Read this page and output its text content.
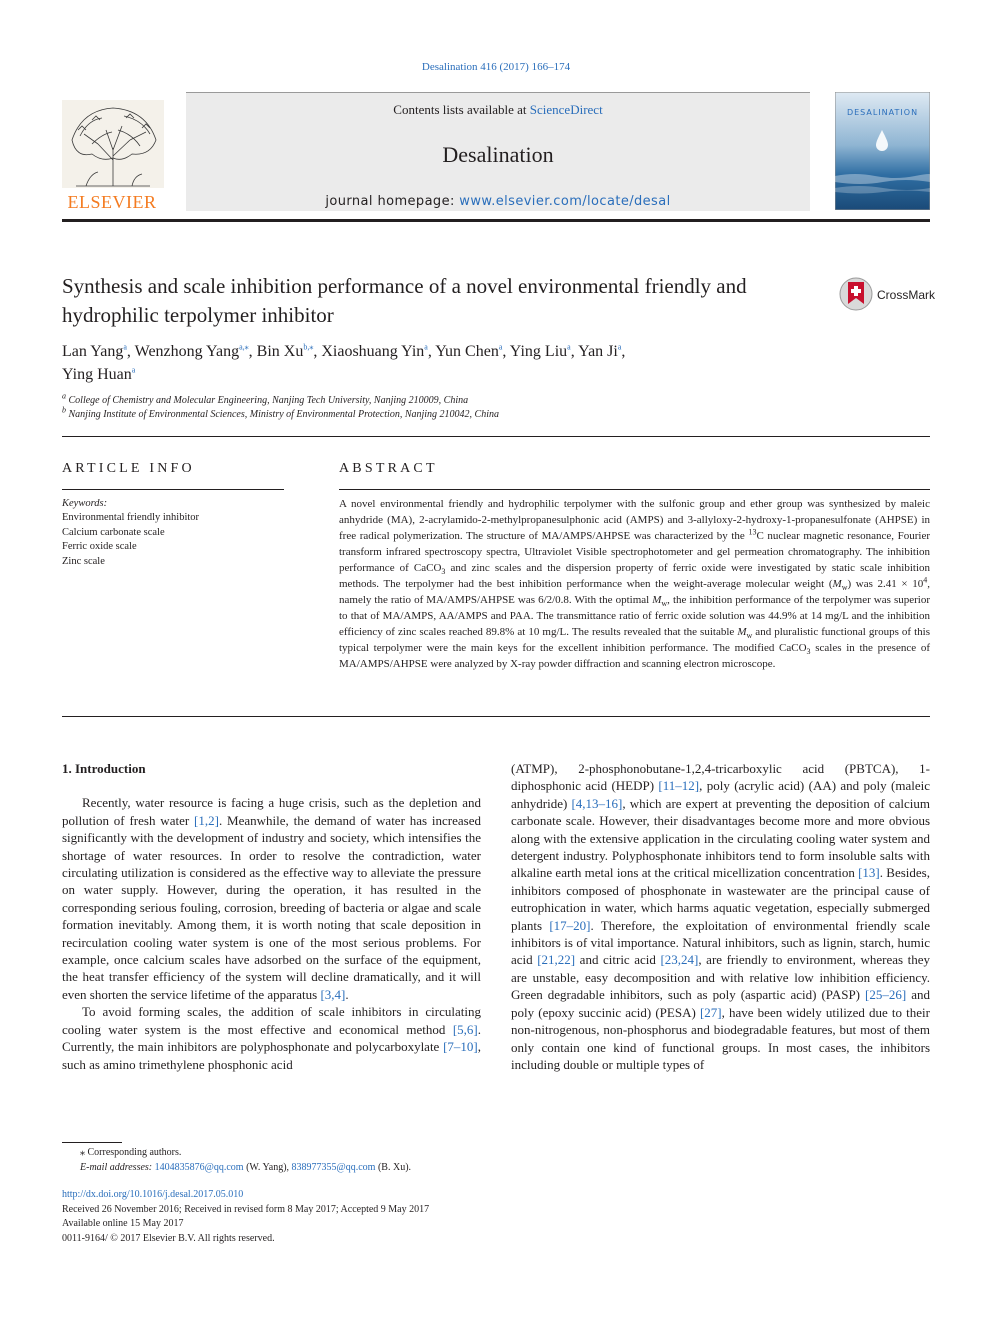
Desalination 416 (2017) 166–174
Contents lists available at ScienceDirect
Desalination
journal homepage: www.elsevier.com/locate/desal
ELSEVIER
DESALINATION
Synthesis and scale inhibition performance of a novel environmental friendly and hydrophilic terpolymer inhibitor
CrossMark
Lan Yang$^a$, Wenzhong Yang$^{a,⁎}$, Bin $Xu^{b,⁎}$, Xiaoshuang Yin$^a$, Yun Chen$^a$, Ying Liu$^a$, Yan Ji$^a$,
Ying Huan$^a$
$^a$ College of Chemistry and Molecular Engineering, Nanjing Tech University, Nanjing 210009, China
$^b$ Nanjing Institute of Environmental Sciences, Ministry of Environmental Protection, Nanjing 210042, China
ARTICLE INFO	ABSTRACT
Keywords:
Environmental friendly inhibitor
Calcium carbonate scale
Ferric oxide scale
Zinc scale
A novel environmental friendly and hydrophilic terpolymer with the sulfonic group and ether group was synthesized by maleic anhydride (MA), 2-acrylamido-2-methylpropanesulphonic acid (AMPS) and 3-allyloxy-2-hydroxy-1-propanesulfonate (AHPSE) in free radical polymerization. The structure of MA/AMPS/AHPSE was characterized by the $^{13}$C nuclear magnetic resonance, Fourier transform infrared spectroscopy spectra, Ultraviolet Visible spectrophotometer and gel permeation chromatography. The inhibition performance of CaCO$_3$ and zinc scales and the dispersion property of ferric oxide were investigated by static scale inhibition methods. The terpolymer had the best inhibition performance when the weight-average molecular weight $(M_w)$ was $2.41 \times 10^4$, namely the ratio of MA/AMPS/AHPSE was 6/2/0.8. With the optimal $M_w$, the inhibition performance of the terpolymer was superior to that of MA/AMPS, AA/AMPS and PAA. The transmittance ratio of ferric oxide solution was 44.9% at 14 mg/L and the inhibition efficiency of zinc scales reached 89.8% at 10 mg/L. The results revealed that the suitable $M_w$ and pluralistic functional groups of this typical terpolymer were the main keys for the excellent inhibition performance. The modified CaCO$_3$ scales in the presence of MA/AMPS/AHPSE were analyzed by X-ray powder diffraction and scanning electron microscope.
1. Introduction

Recently, water resource is facing a huge crisis, such as the depletion and pollution of fresh water [1,2]. Meanwhile, the demand of water has increased significantly with the development of industry and society, which intensifies the shortage of water resources. In order to resolve the contradiction, water circulating utilization is considered as the effective way to alleviate the pressure on water supply. However, during the operation, it has resulted in the corresponding serious fouling, corrosion, breeding of bacteria or algae and scale formation inevitably. Among them, it is worth noting that scale deposition in recirculation cooling water system is one of the most serious problems. For example, once calcium scales have adsorbed on the surface of the equipment, the heat transfer efficiency of the system will decline dramatically, and it will even shorten the service lifetime of the apparatus [3,4].

To avoid forming scales, the addition of scale inhibitors in circulating cooling water system is the most effective and economical method [5,6]. Currently, the main inhibitors are polyphosphonate and polycarboxylate [7–10], such as amino trimethylene phosphonic acid

(ATMP), 2-phosphonobutane-1,2,4-tricarboxylic acid (PBTCA), 1-diphosphonic acid (HEDP) [11–12], poly (acrylic acid) (AA) and poly (maleic anhydride) [4,13–16], which are expert at preventing the deposition of calcium carbonate scale. However, their disadvantages become more and more obvious along with the extensive application in the circulating cooling water system and detergent industry. Polyphosphonate inhibitors tend to form insoluble salts with alkaline earth metal ions at the critical micellization concentration [13]. Besides, inhibitors composed of phosphonate in wastewater are the principal cause of eutrophication in water, which harms aquatic vegetation, especially submerged plants [17–20]. Therefore, the exploitation of environmental friendly scale inhibitors is of vital importance. Natural inhibitors, such as lignin, starch, humic acid [21,22] and citric acid [23,24], are friendly to environment, whereas they are unstable, easy decomposition and with relative low inhibition efficiency. Green degradable inhibitors, such as poly (aspartic acid) (PASP) [25–26] and poly (epoxy succinic acid) (PESA) [27], have been widely utilized due to their non-nitrogenous, non-phosphorus and biodegradable features, but most of them only contain one kind of functional groups. In most cases, the inhibitors including double or multiple types of

⁎ Corresponding authors.
E-mail addresses: 1404835876@qq.com (W. Yang), 838977355@qq.com (B. Xu).
http://dx.doi.org/10.1016/j.desal.2017.05.010
Received 26 November 2016; Received in revised form 8 May 2017; Accepted 9 May 2017
Available online 15 May 2017
0011-9164/ © 2017 Elsevier B.V. All rights reserved.
